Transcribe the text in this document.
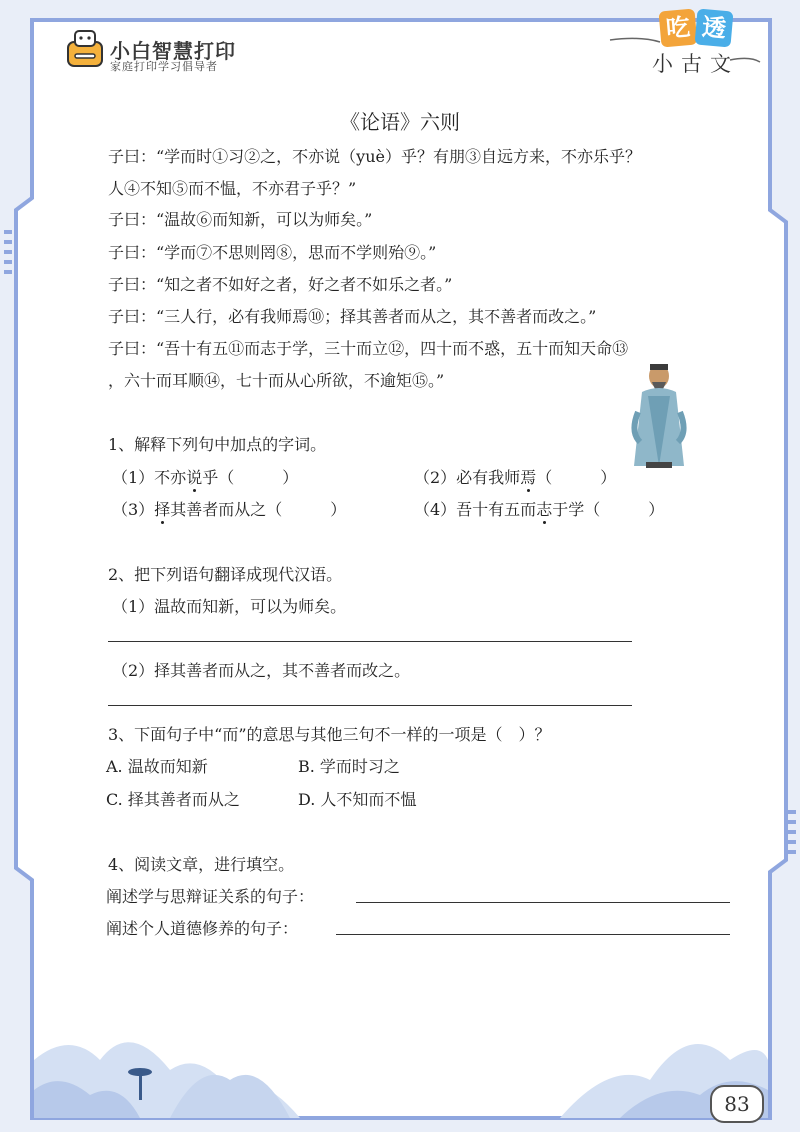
小白智慧打印
家庭打印学习倡导者
吃 透
小古文
《论语》六则
子曰：“学而时①习②之，不亦说（yuè）乎？有朋③自远方来，不亦乐乎？
人④不知⑤而不愠，不亦君子乎？”
子曰：“温故⑥而知新，可以为师矣。”
子曰：“学而⑦不思则罔⑧，思而不学则殆⑨。”
子曰：“知之者不如好之者，好之者不如乐之者。”
子曰：“三人行，必有我师焉⑩；择其善者而从之，其不善者而改之。”
子曰：“吾十有五⑪而志于学，三十而立⑫，四十而不惑，五十而知天命⑬
，六十而耳顺⑭，七十而从心所欲，不逾矩⑮。”
1、解释下列句中加点的字词。
（1）不亦说乎（　　　）	（2）必有我师焉（　　　）
（3）择其善者而从之（　　　）	（4）吾十有五而志于学（　　　）
2、把下列语句翻译成现代汉语。
（1）温故而知新，可以为师矣。
（2）择其善者而从之，其不善者而改之。
3、下面句子中“而”的意思与其他三句不一样的一项是（　）？
A. 温故而知新	B. 学而时习之
C. 择其善者而从之	D. 人不知而不愠
4、阅读文章，进行填空。
阐述学与思辩证关系的句子：
阐述个人道德修养的句子：
83
